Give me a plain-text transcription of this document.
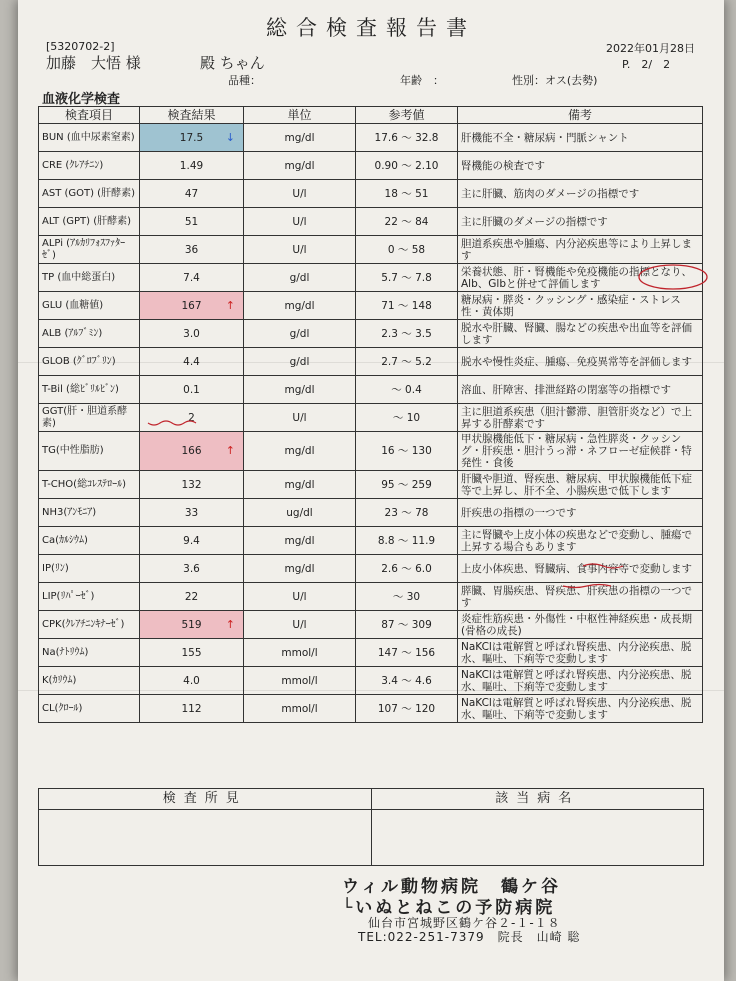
総合検査報告書
[5320702-2]	2022年01月28日
加藤　大悟 様	殿 ちゃん	P.　2/　2
品種：	年齢　：	性別：オス(去勢)
血液化学検査
検査項目	検査結果	単位	参考値	備考
BUN (血中尿素窒素)	17.5 ↓	mg/dl	17.6 ～ 32.8	肝機能不全・糖尿病・門脈シャント
CRE (ｸﾚｱﾁﾆﾝ)	1.49	mg/dl	0.90 ～ 2.10	腎機能の検査です
AST (GOT) (肝酵素)	47	U/l	18 ～ 51	主に肝臓、筋肉のダメージの指標です
ALT (GPT) (肝酵素)	51	U/l	22 ～ 84	主に肝臓のダメージの指標です
ALPi (ｱﾙｶﾘﾌｫｽﾌｧﾀｰｾﾞ)	36	U/l	0 ～ 58	胆道系疾患や腫瘍、内分泌疾患等により上昇します
TP (血中総蛋白)	7.4	g/dl	5.7 ～ 7.8	栄養状態、肝・腎機能や免疫機能の指標となり、Alb、Glbと併せて評価します
GLU (血糖値)	167 ↑	mg/dl	71 ～ 148	糖尿病・膵炎・クッシング・感染症・ストレス性・黄体期
ALB (ｱﾙﾌﾞﾐﾝ)	3.0	g/dl	2.3 ～ 3.5	脱水や肝臓、腎臓、腸などの疾患や出血等を評価します
GLOB (ｸﾞﾛﾌﾞﾘﾝ)	4.4	g/dl	2.7 ～ 5.2	脱水や慢性炎症、腫瘍、免疫異常等を評価します
T-Bil (総ﾋﾞﾘﾙﾋﾞﾝ)	0.1	mg/dl	～ 0.4	溶血、肝障害、排泄経路の閉塞等の指標です
GGT(肝・胆道系酵素)	2	U/l	～ 10	主に胆道系疾患（胆汁鬱滞、胆管肝炎など）で上昇する肝酵素です
TG(中性脂肪)	166 ↑	mg/dl	16 ～ 130	甲状腺機能低下・糖尿病・急性膵炎・クッシング・肝疾患・胆汁うっ滞・ネフローゼ症候群・特発性・食後
T-CHO(総ｺﾚｽﾃﾛｰﾙ)	132	mg/dl	95 ～ 259	肝臓や胆道、腎疾患、糖尿病、甲状腺機能低下症等で上昇し、肝不全、小腸疾患で低下します
NH3(ｱﾝﾓﾆｱ)	33	ug/dl	23 ～ 78	肝疾患の指標の一つです
Ca(ｶﾙｼｳﾑ)	9.4	mg/dl	8.8 ～ 11.9	主に腎臓や上皮小体の疾患などで変動し、腫瘍で上昇する場合もあります
IP(ﾘﾝ)	3.6	mg/dl	2.6 ～ 6.0	上皮小体疾患、腎臓病、食事内容等で変動します
LIP(ﾘﾊﾟｰｾﾞ)	22	U/l	～ 30	膵臓、胃腸疾患、腎疾患、肝疾患の指標の一つです
CPK(ｸﾚｱﾁﾆﾝｷﾅｰｾﾞ)	519 ↑	U/l	87 ～ 309	炎症性筋疾患・外傷性・中枢性神経疾患・成長期(骨格の成長)
Na(ﾅﾄﾘｳﾑ)	155	mmol/l	147 ～ 156	NaKClは電解質と呼ばれ腎疾患、内分泌疾患、脱水、嘔吐、下痢等で変動します
K(ｶﾘｳﾑ)	4.0	mmol/l	3.4 ～ 4.6	NaKClは電解質と呼ばれ腎疾患、内分泌疾患、脱水、嘔吐、下痢等で変動します
CL(ｸﾛｰﾙ)	112	mmol/l	107 ～ 120	NaKClは電解質と呼ばれ腎疾患、内分泌疾患、脱水、嘔吐、下痢等で変動します
検査所見	該当病名
ウィル動物病院　鶴ケ谷
└いぬとねこの予防病院
仙台市宮城野区鶴ケ谷２-１-１８
TEL:022-251-7379　院長　山崎 聡
